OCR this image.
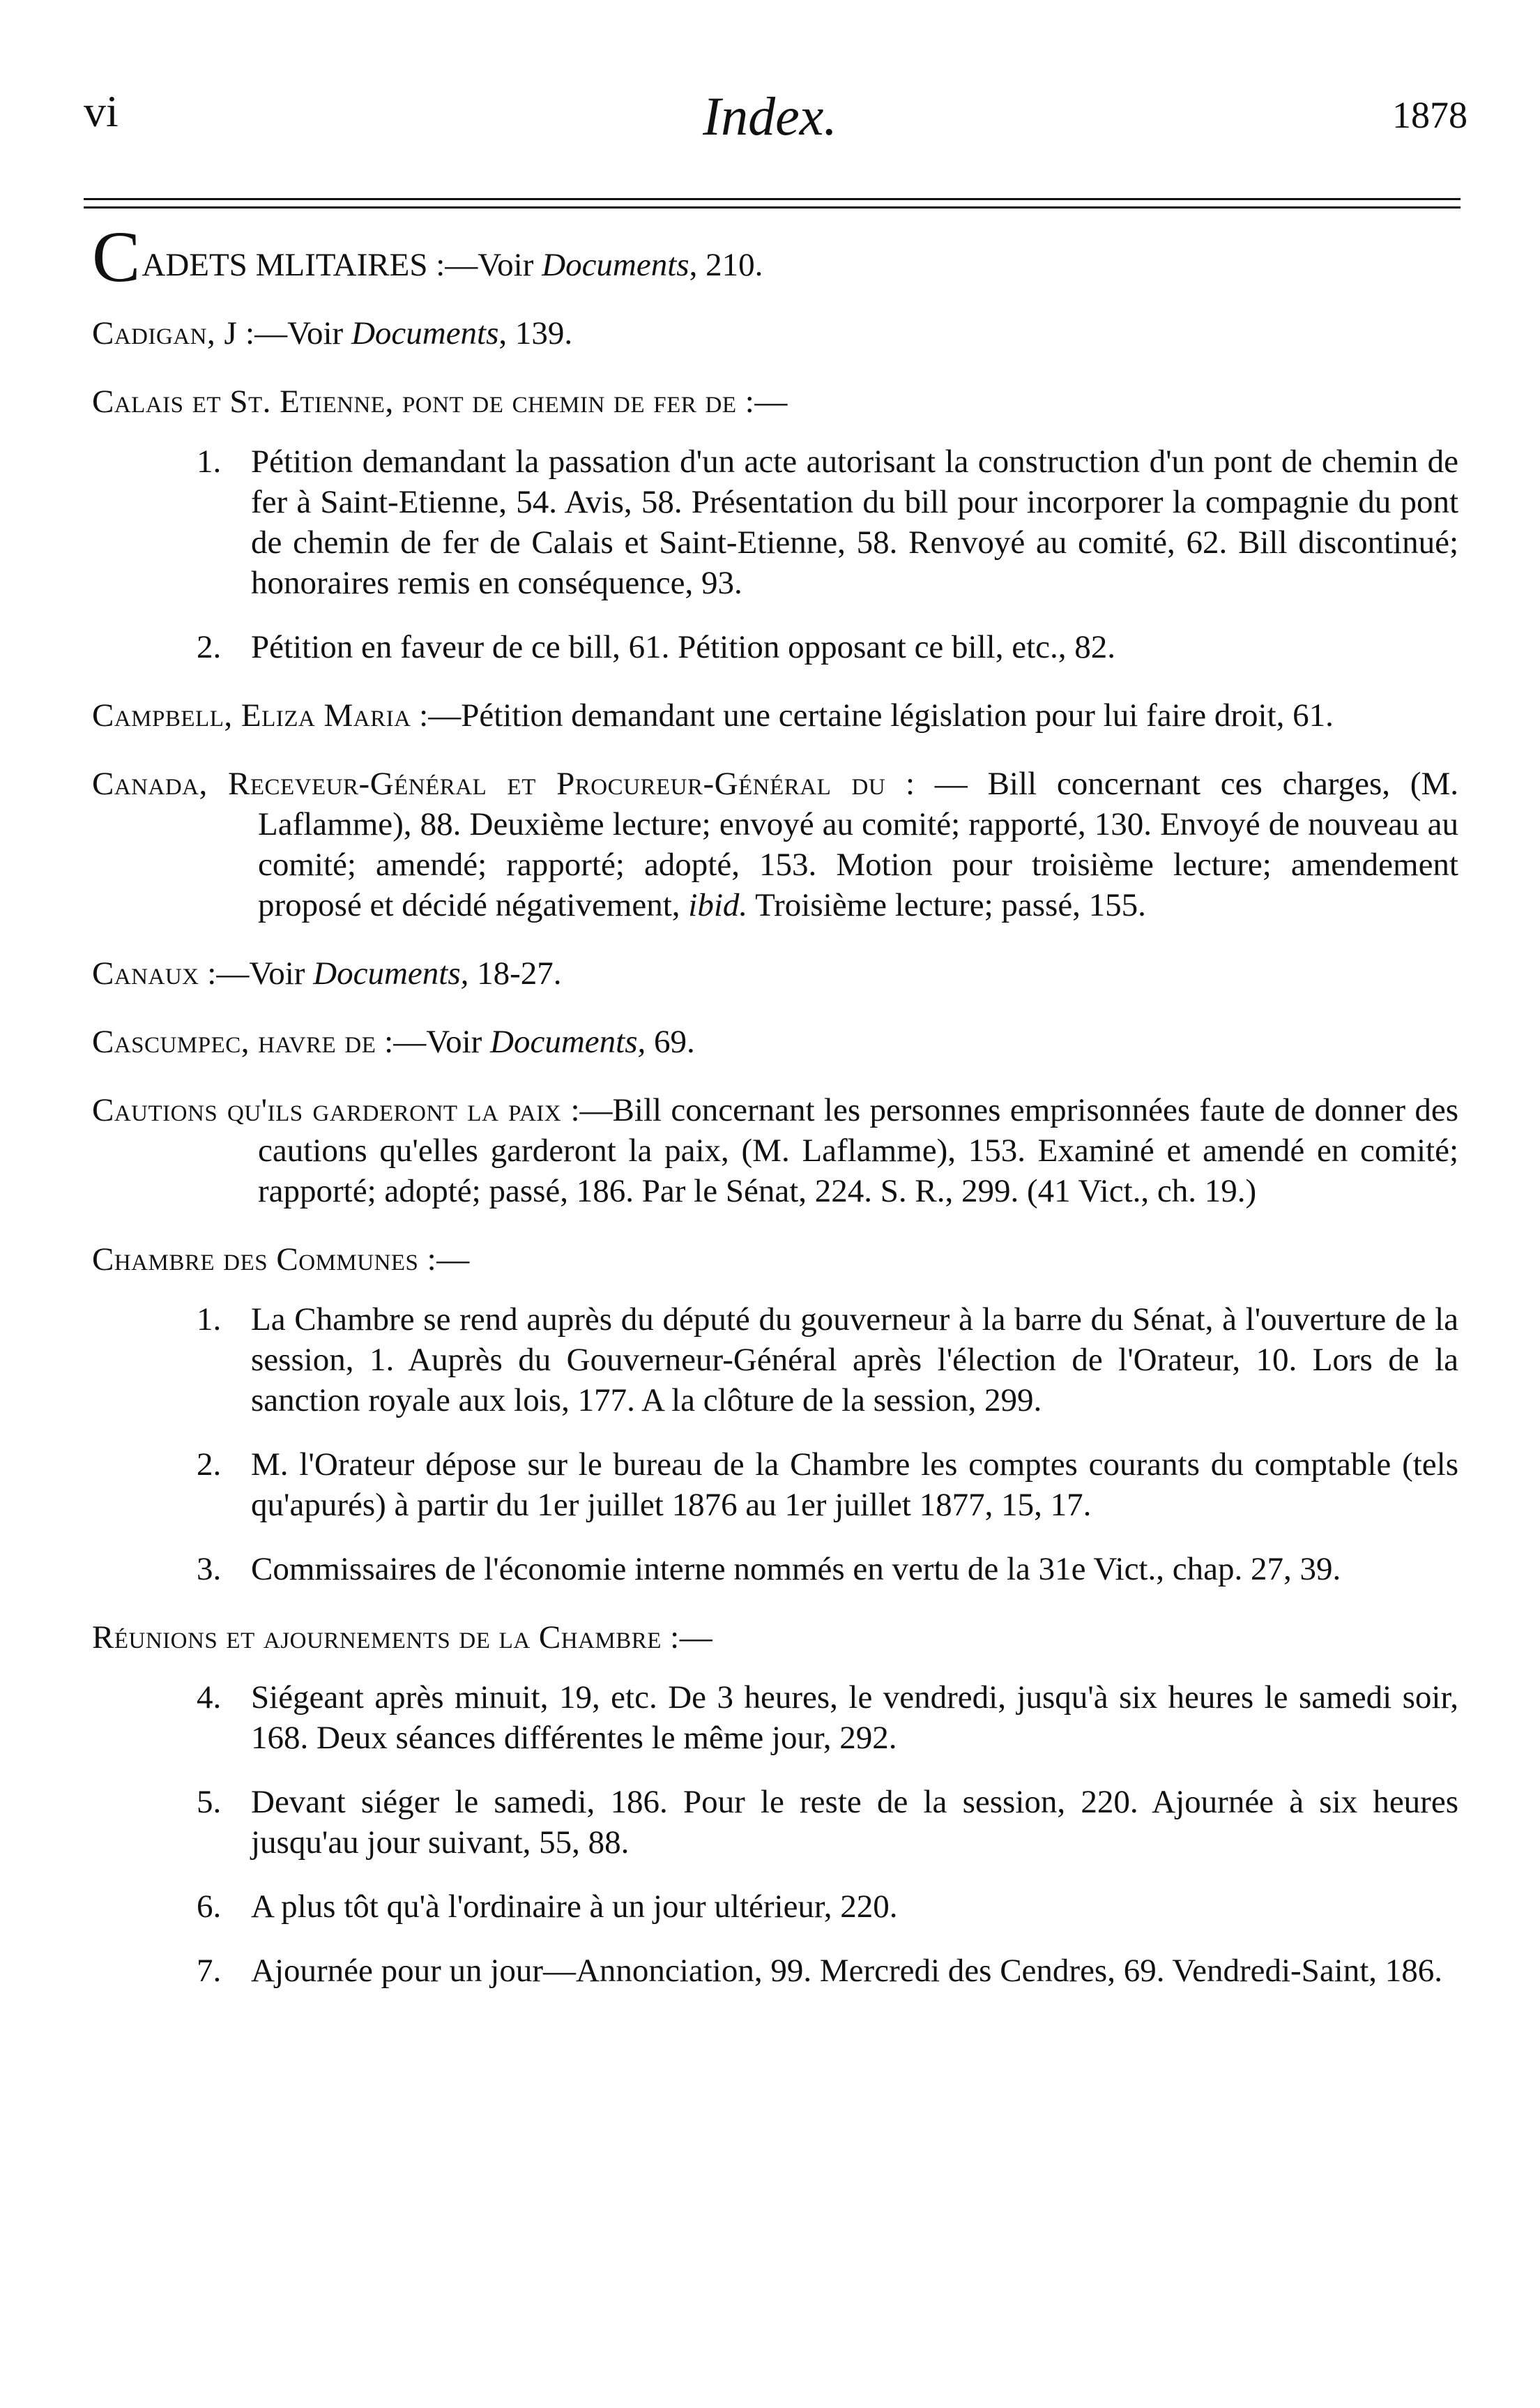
vi	Index.	1878
CADETS MLITAIRES :—Voir Documents, 210.
Cadigan, J :—Voir Documents, 139.
Calais et St. Etienne, pont de chemin de fer de :—
1. Pétition demandant la passation d'un acte autorisant la construction d'un pont de chemin de fer à Saint-Etienne, 54. Avis, 58. Présentation du bill pour incorporer la compagnie du pont de chemin de fer de Calais et Saint-Etienne, 58. Renvoyé au comité, 62. Bill discontinué; honoraires remis en conséquence, 93.
2. Pétition en faveur de ce bill, 61. Pétition opposant ce bill, etc., 82.
Campbell, Eliza Maria :—Pétition demandant une certaine législation pour lui faire droit, 61.
Canada, Receveur-Général et Procureur-Général du : — Bill concernant ces charges, (M. Laflamme), 88. Deuxième lecture; envoyé au comité; rapporté, 130. Envoyé de nouveau au comité; amendé; rapporté; adopté, 153. Motion pour troisième lecture; amendement proposé et décidé négativement, ibid. Troisième lecture; passé, 155.
Canaux :—Voir Documents, 18-27.
Cascumpec, havre de :—Voir Documents, 69.
Cautions qu'ils garderont la paix :—Bill concernant les personnes emprisonnées faute de donner des cautions qu'elles garderont la paix, (M. Laflamme), 153. Examiné et amendé en comité; rapporté; adopté; passé, 186. Par le Sénat, 224. S. R., 299. (41 Vict., ch. 19.)
Chambre des Communes :—
1. La Chambre se rend auprès du député du gouverneur à la barre du Sénat, à l'ouverture de la session, 1. Auprès du Gouverneur-Général après l'élection de l'Orateur, 10. Lors de la sanction royale aux lois, 177. A la clôture de la session, 299.
2. M. l'Orateur dépose sur le bureau de la Chambre les comptes courants du comptable (tels qu'apurés) à partir du 1er juillet 1876 au 1er juillet 1877, 15, 17.
3. Commissaires de l'économie interne nommés en vertu de la 31e Vict., chap. 27, 39.
Réunions et ajournements de la Chambre :—
4. Siégeant après minuit, 19, etc. De 3 heures, le vendredi, jusqu'à six heures le samedi soir, 168. Deux séances différentes le même jour, 292.
5. Devant siéger le samedi, 186. Pour le reste de la session, 220. Ajournée à six heures jusqu'au jour suivant, 55, 88.
6. A plus tôt qu'à l'ordinaire à un jour ultérieur, 220.
7. Ajournée pour un jour—Annonciation, 99. Mercredi des Cendres, 69. Vendredi-Saint, 186.
